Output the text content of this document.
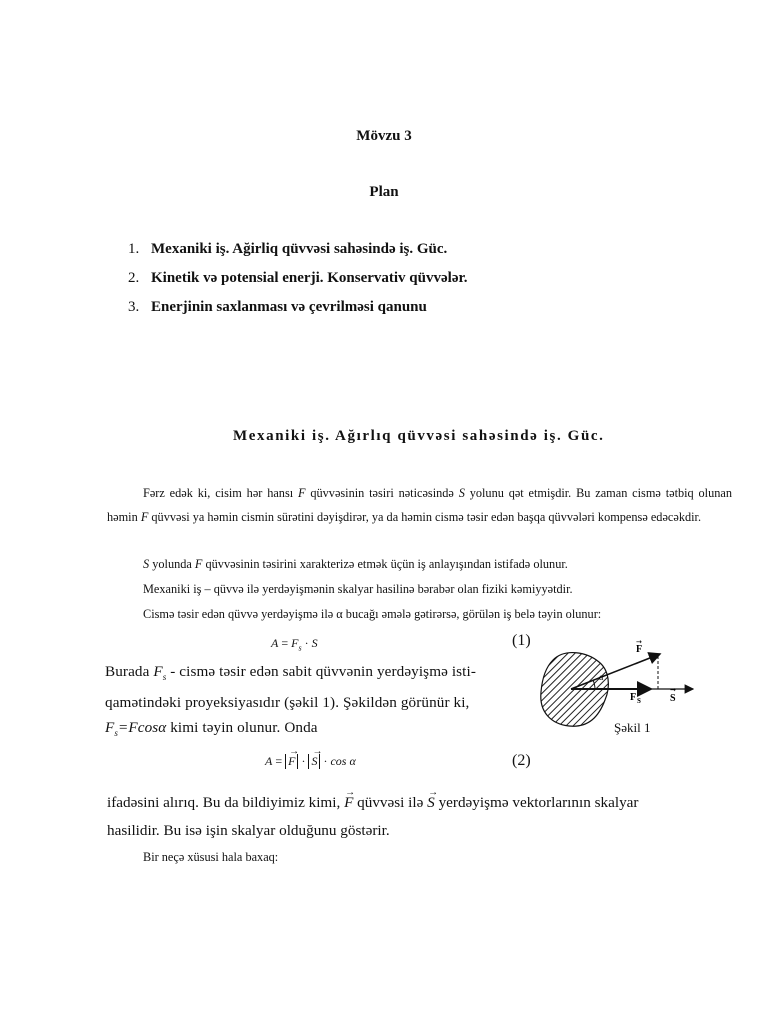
Mövzu 3
Plan
1. Mexaniki iş. Ağirliq qüvvəsi sahəsində iş. Güc.
2. Kinetik və potensial enerji. Konservativ qüvvələr.
3. Enerjinin saxlanması və çevrilməsi qanunu
Mexaniki iş. Ağırlıq qüvvəsi sahəsində iş. Güc.
Fərz edək ki, cisim hər hansı F qüvvəsinin təsiri nəticəsində S yolunu qət etmişdir. Bu zaman cismə tətbiq olunan həmin F qüvvəsi ya həmin cismin sürətini dəyişdirər, ya da həmin cismə təsir edən başqa qüvvələri kompensə edəcəkdir.
S yolunda F qüvvəsinin təsirini xarakterizə etmək üçün iş anlayışından istifadə olunur.
Mexaniki iş – qüvvə ilə yerdəyişmənin skalyar hasilinə bərabər olan fiziki kəmiyyətdir.
Cismə təsir edən qüvvə yerdəyişmə ilə α bucağı əmələ gətirərsə, görülən iş belə təyin olunur:
$A = F_s \cdot S$	(1)
Burada $F_s$ - cismə təsir edən sabit qüvvənin yerdəyişmə isti-
qamətindəki proyeksiyasıdır (şəkil 1). Şəkildən görünür ki,
$F_s=Fcos\alpha$ kimi təyin olunur. Onda
A = → F · → S · cos α	(2)
ifadəsini alırıq. Bu da bildiyimiz kimi, → F qüvvəsi ilə → S yerdəyişmə vektorlarının skalyar
hasilidir. Bu isə işin skalyar olduğunu göstərir.
Bir neçə xüsusi hala baxaq:
F
→
α
F S	S
→
Şəkil 1
